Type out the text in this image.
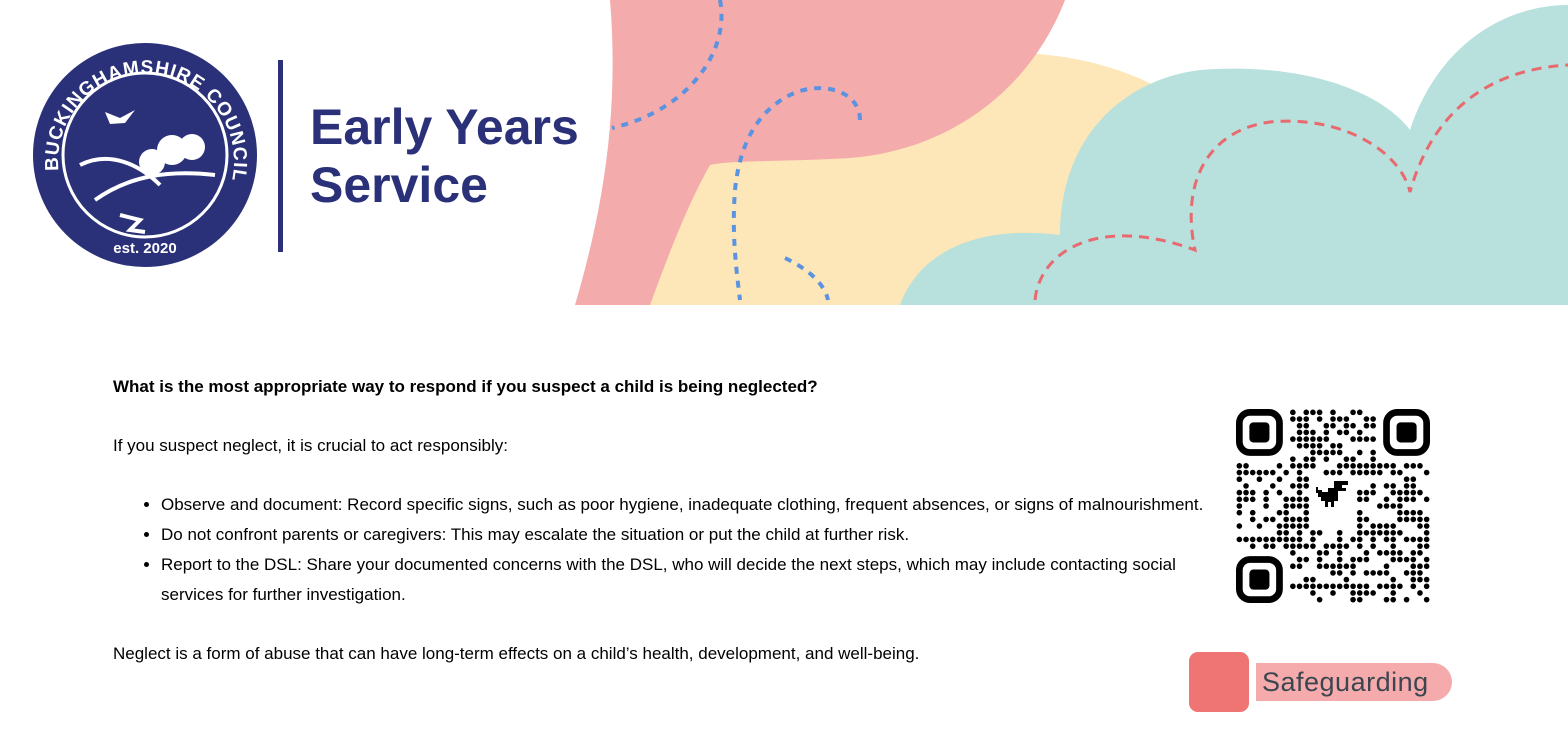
BUCKINGHAMSHIRE COUNCIL
est. 2020
Early Years
Service

What is the most appropriate way to respond if you suspect a child is being neglected?

If you suspect neglect, it is crucial to act responsibly:

• Observe and document: Record specific signs, such as poor hygiene, inadequate clothing, frequent absences, or signs of malnourishment.
• Do not confront parents or caregivers: This may escalate the situation or put the child at further risk.
• Report to the DSL: Share your documented concerns with the DSL, who will decide the next steps, which may include contacting social services for further investigation.

Neglect is a form of abuse that can have long-term effects on a child’s health, development, and well-being.

Safeguarding
